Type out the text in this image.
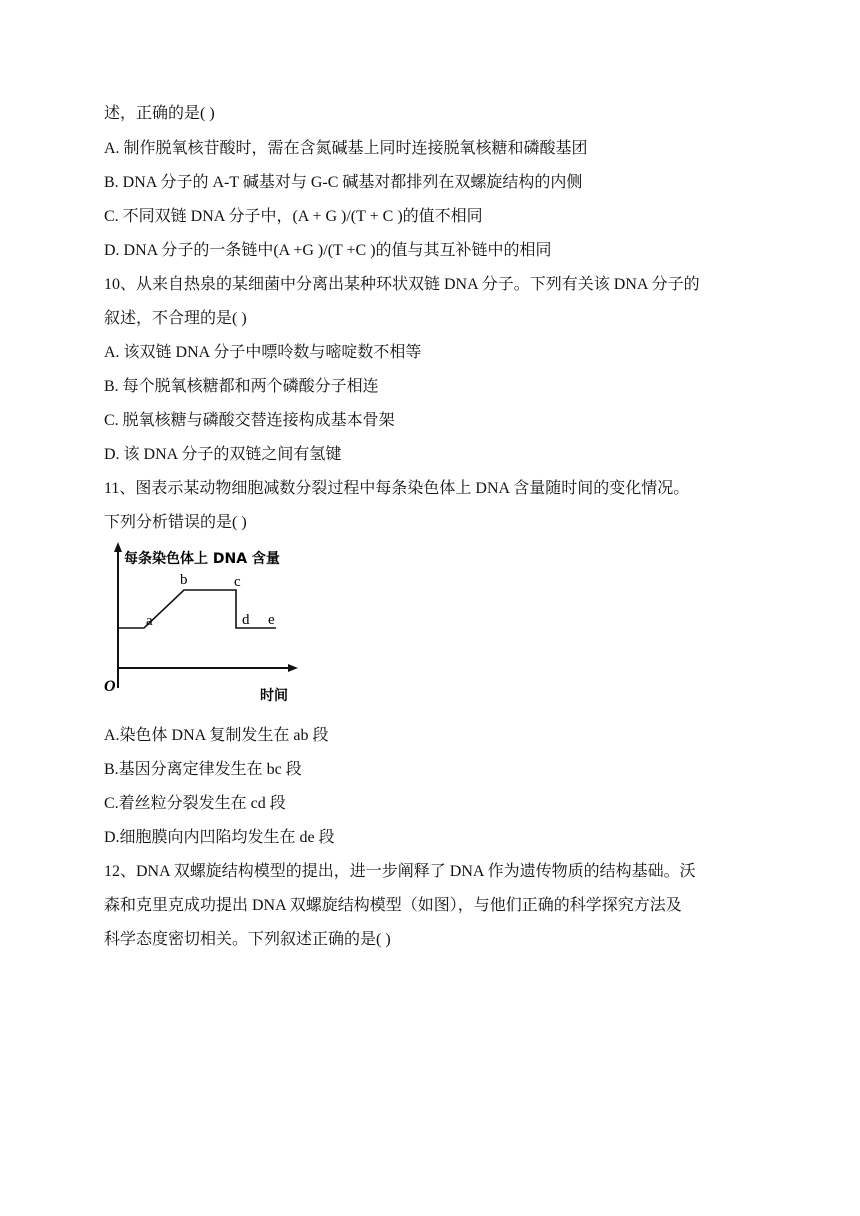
述，正确的是( )
A. 制作脱氧核苷酸时，需在含氮碱基上同时连接脱氧核糖和磷酸基团
B. DNA 分子的 A-T 碱基对与 G-C 碱基对都排列在双螺旋结构的内侧
C. 不同双链 DNA 分子中，(A + G )/(T + C )的值不相同
D. DNA 分子的一条链中(A +G )/(T +C )的值与其互补链中的相同
10、从来自热泉的某细菌中分离出某种环状双链 DNA 分子。下列有关该 DNA 分子的
叙述，不合理的是( )
A. 该双链 DNA 分子中嘌呤数与嘧啶数不相等
B. 每个脱氧核糖都和两个磷酸分子相连
C. 脱氧核糖与磷酸交替连接构成基本骨架
D. 该 DNA 分子的双链之间有氢键
11、图表示某动物细胞减数分裂过程中每条染色体上 DNA 含量随时间的变化情况。
下列分析错误的是( )
每条染色体上 DNA 含量
a
b	c
d e
O
时间
A.染色体 DNA 复制发生在 ab 段
B.基因分离定律发生在 bc 段
C.着丝粒分裂发生在 cd 段
D.细胞膜向内凹陷均发生在 de 段
12、DNA 双螺旋结构模型的提出，进一步阐释了 DNA 作为遗传物质的结构基础。沃
森和克里克成功提出 DNA 双螺旋结构模型（如图），与他们正确的科学探究方法及
科学态度密切相关。下列叙述正确的是( )
